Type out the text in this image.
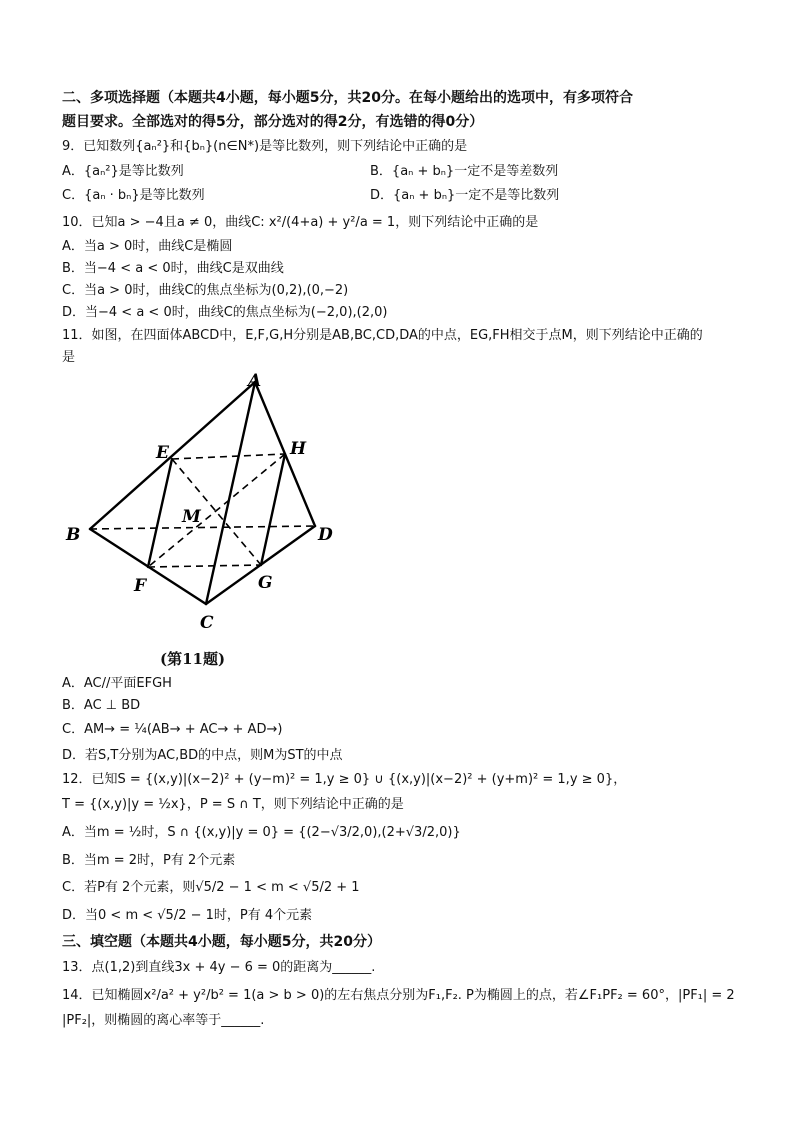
二、多项选择题（本题共4小题，每小题5分，共20分。在每小题给出的选项中，有多项符合
题目要求。全部选对的得5分，部分选对的得2分，有选错的得0分）
9．已知数列{aₙ²}和{bₙ}(n∈N*)是等比数列，则下列结论中正确的是
A．{aₙ²}是等比数列	B．{aₙ + bₙ}一定不是等差数列
C．{aₙ · bₙ}是等比数列	D．{aₙ + bₙ}一定不是等比数列
10．已知a > −4且a ≠ 0，曲线C: x²/(4+a) + y²/a = 1，则下列结论中正确的是
A．当a > 0时，曲线C是椭圆
B．当−4 < a < 0时，曲线C是双曲线
C．当a > 0时，曲线C的焦点坐标为(0,2),(0,−2)
D．当−4 < a < 0时，曲线C的焦点坐标为(−2,0),(2,0)
11．如图，在四面体ABCD中，E,F,G,H分别是AB,BC,CD,DA的中点，EG,FH相交于点M，则下列结论中正确的
是
A
B
C
D
E
F	G
H
M
(第11题)
A．AC//平面EFGH
B．AC ⊥ BD
C．AM→ = ¼(AB→ + AC→ + AD→)
D．若S,T分别为AC,BD的中点，则M为ST的中点
12．已知S = {(x,y)|(x−2)² + (y−m)² = 1,y ≥ 0} ∪ {(x,y)|(x−2)² + (y+m)² = 1,y ≥ 0}，
T = {(x,y)|y = ½x}，P = S ∩ T，则下列结论中正确的是
A．当m = ½时，S ∩ {(x,y)|y = 0} = {(2−√3/2,0),(2+√3/2,0)}
B．当m = 2时，P有 2个元素
C．若P有 2个元素，则√5/2 − 1 < m < √5/2 + 1
D．当0 < m < √5/2 − 1时，P有 4个元素
三、填空题（本题共4小题，每小题5分，共20分）
13．点(1,2)到直线3x + 4y − 6 = 0的距离为______.
14．已知椭圆x²/a² + y²/b² = 1(a > b > 0)的左右焦点分别为F₁,F₂. P为椭圆上的点，若∠F₁PF₂ = 60°，|PF₁| = 2
|PF₂|，则椭圆的离心率等于______.
